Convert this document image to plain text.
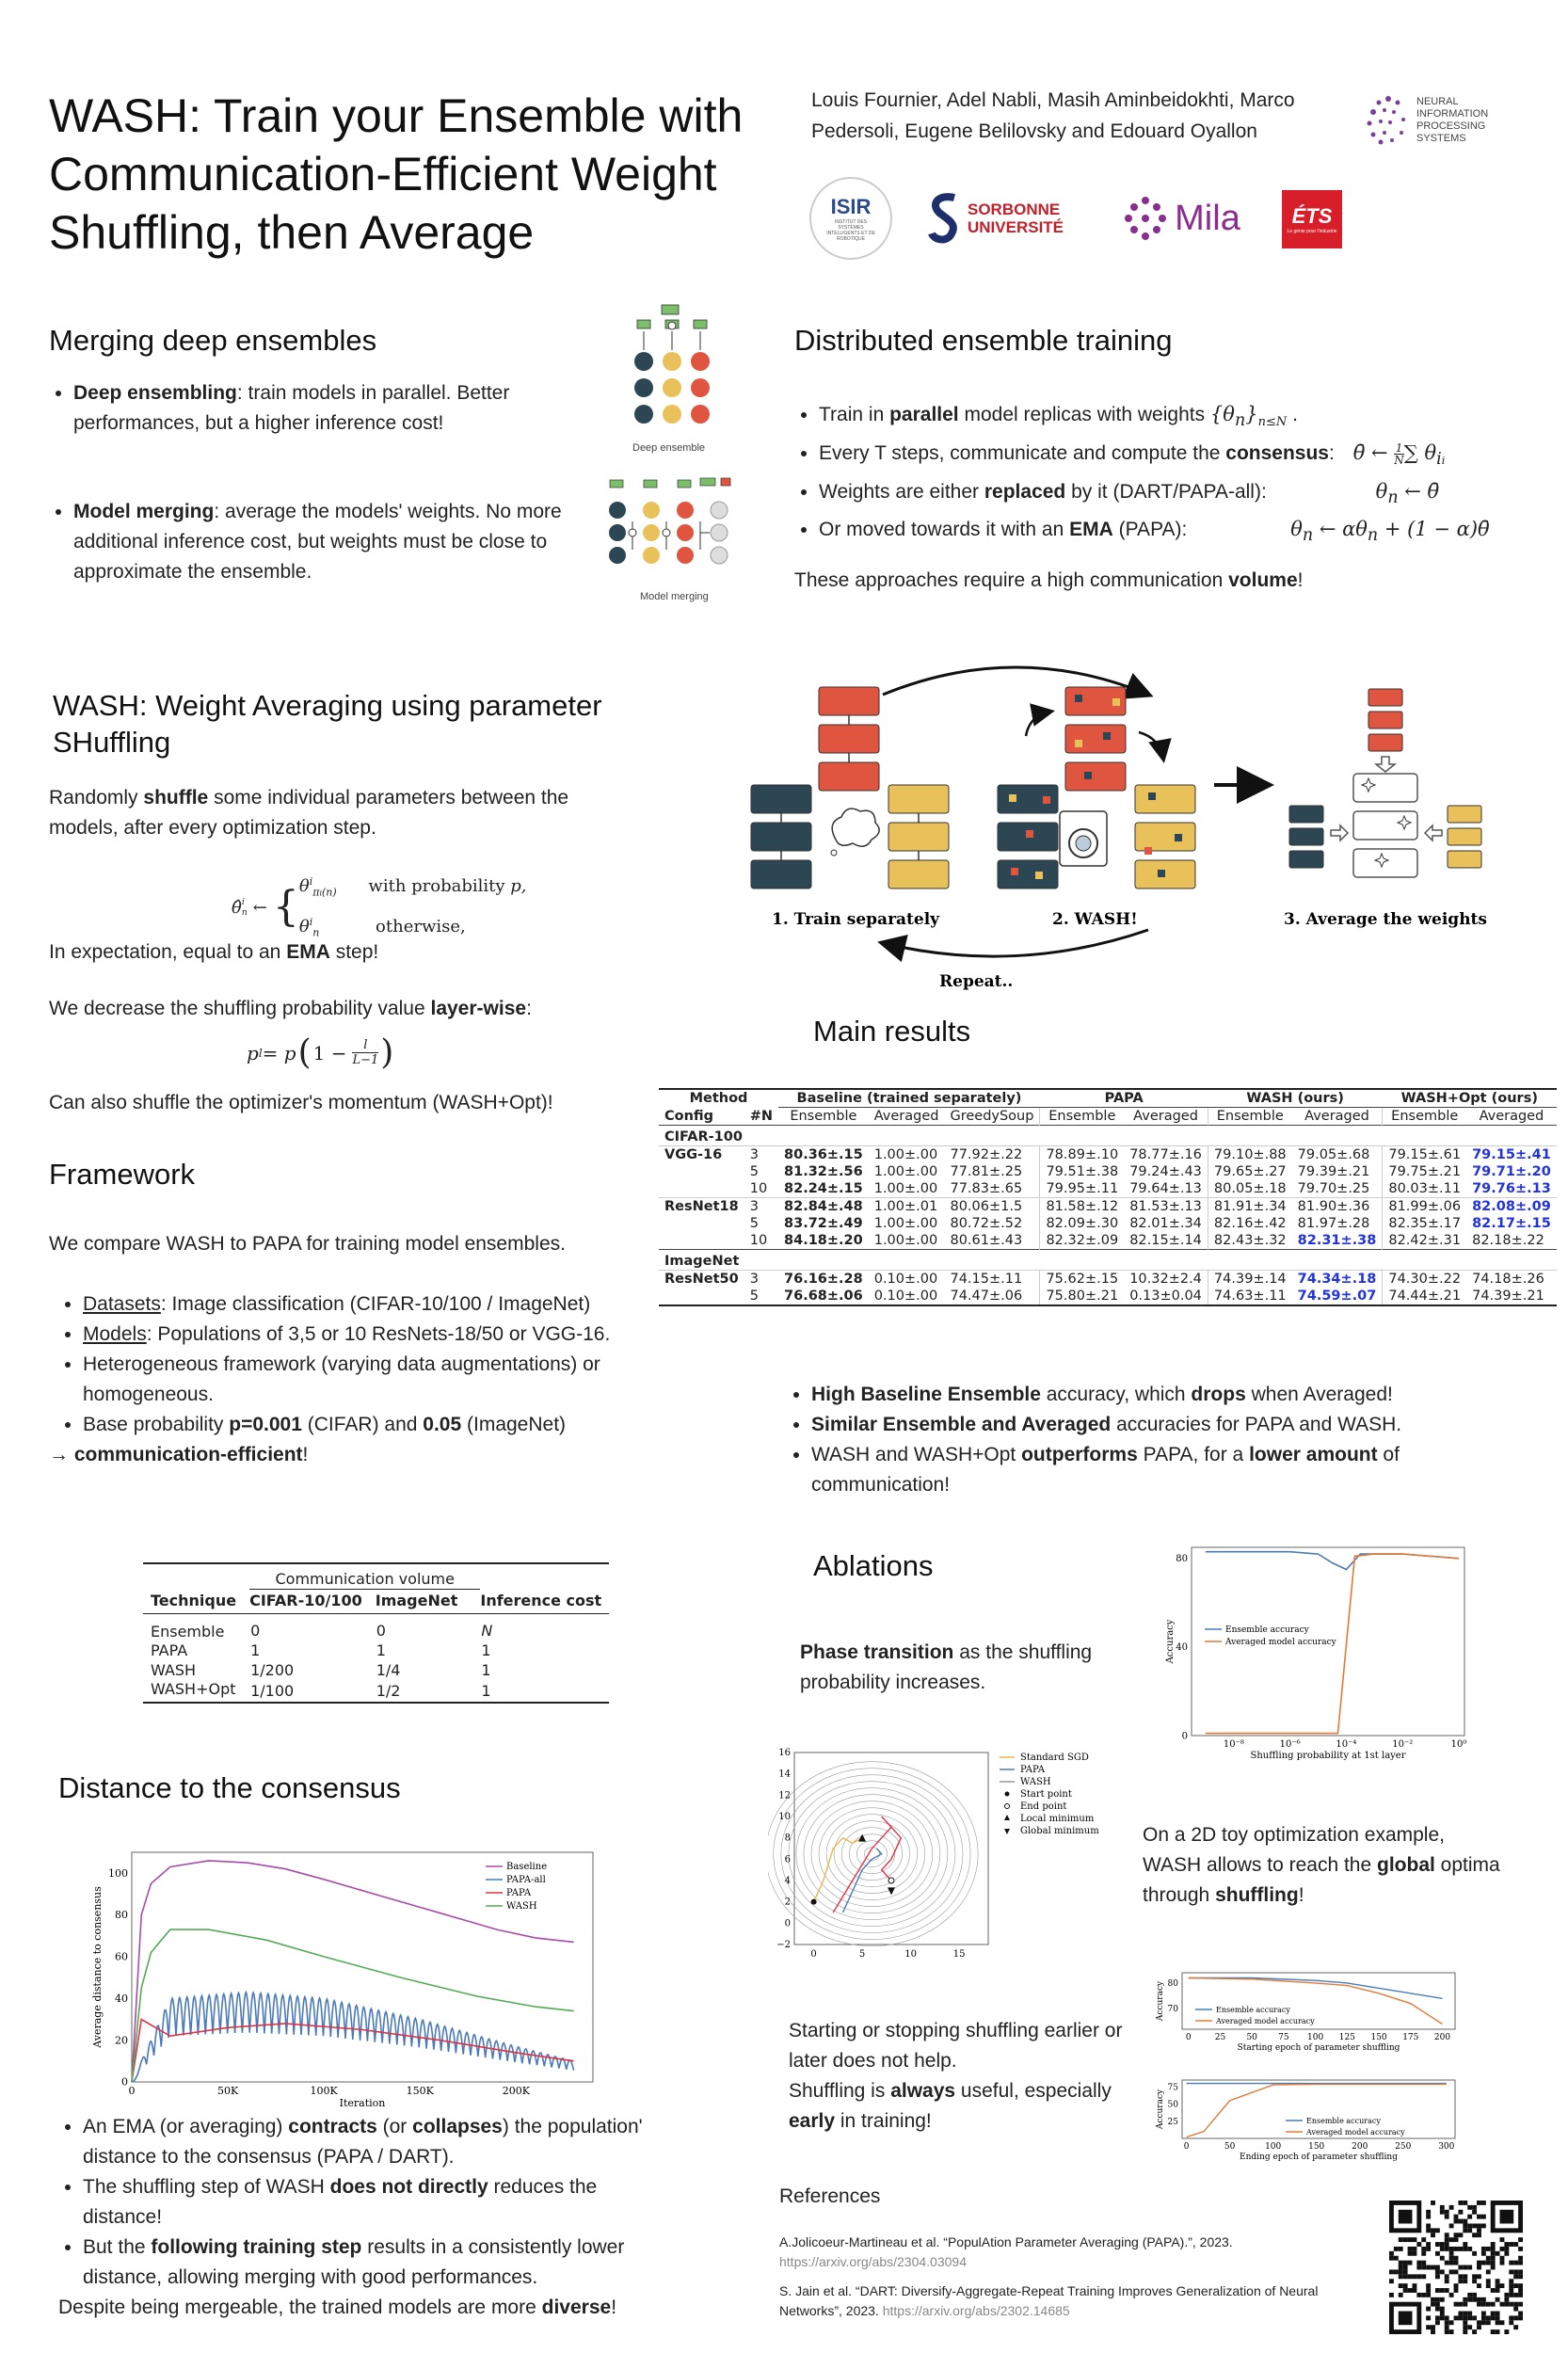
WASH: Train your Ensemble with Communication-Efficient Weight Shuffling, then Average
Louis Fournier, Adel Nabli, Masih Aminbeidokhti, Marco Pedersoli, Eugene Belilovsky and Edouard Oyallon
NEURAL INFORMATION PROCESSING SYSTEMS
ISIR
INSTITUT DES SYSTÈMES INTELLIGENTS ET DE ROBOTIQUE
SORBONNE UNIVERSITÉ	Mila ÉTS
Le génie pour l'industrie
Merging deep ensembles
• Deep ensembling: train models in parallel. Better performances, but a higher inference cost!
• Model merging: average the models' weights. No more additional inference cost, but weights must be close to approximate the ensemble.
Deep ensemble
Model merging
Distributed ensemble training
• Train in parallel model replicas with weights $\{\theta_n\}_{n\le N}$ .
• Every T steps, communicate and compute the consensus: θ̄ ← $\frac{1}{N}$ ∑ $\theta_{ii}$
• Weights are either replaced by it (DART/PAPA-all):	$\theta_n$ ← θ̄
• Or moved towards it with an EMA (PAPA):	$\theta_n$ ← $\alpha\theta_n + (1$ − α)θ̄
These approaches require a high communication volume!
WASH: Weight Averaging using parameter SHuffling
Randomly shuffle some individual parameters between the models, after every optimization step.
θ̂ i
n ← { $\theta^i_{\pi i(n)}$ with probability p,
$\theta^i_n$	otherwise,
In expectation, equal to an EMA step!
We decrease the shuffling probability value layer-wise:
p l = p ( $1 - \frac{l}{L-1}$ )
Can also shuffle the optimizer's momentum (WASH+Opt)!
1. Train separately	2. WASH!	3. Average the weights
Repeat..
Framework
We compare WASH to PAPA for training model ensembles.
• Datasets: Image classification (CIFAR-10/100 / ImageNet)
• Models: Populations of 3,5 or 10 ResNets-18/50 or VGG-16.
• Heterogeneous framework (varying data augmentations) or homogeneous.
• Base probability p=0.001 (CIFAR) and 0.05 (ImageNet)
→ communication-efficient!
	Communication volume		
Technique	CIFAR-10/100	ImageNet	Inference cost
Ensemble	0	0	N
PAPA	1	1	1
WASH	1/200	1/4	1
WASH+Opt	1/100	1/2	1
Distance to the consensus
0	50K	100K	150K	200K
0
20
40
60
80
100
Iteration
Average distance to consensus
Baseline
PAPA-all
PAPA
WASH
• An EMA (or averaging) contracts (or collapses) the population' distance to the consensus (PAPA / DART).
• The shuffling step of WASH does not directly reduces the distance!
• But the following training step results in a consistently lower distance, allowing merging with good performances.
Despite being mergeable, the trained models are more diverse!
Main results
Method		Baseline (trained separately)			PAPA		WASH (ours)		WASH+Opt (ours)	
Config	#N	Ensemble	Averaged	GreedySoup	Ensemble	Averaged	Ensemble	Averaged	Ensemble	Averaged
CIFAR-100										
VGG-16	3	80.36±.15	1.00±.00	77.92±.22	78.89±.10	78.77±.16	79.10±.88	79.05±.68	79.15±.61	79.15±.41
	5	81.32±.56	1.00±.00	77.81±.25	79.51±.38	79.24±.43	79.65±.27	79.39±.21	79.75±.21	79.71±.20
	10	82.24±.15	1.00±.00	77.83±.65	79.95±.11	79.64±.13	80.05±.18	79.70±.25	80.03±.11	79.76±.13
ResNet18	3	82.84±.48	1.00±.01	80.06±1.5	81.58±.12	81.53±.13	81.91±.34	81.90±.36	81.99±.06	82.08±.09
	5	83.72±.49	1.00±.00	80.72±.52	82.09±.30	82.01±.34	82.16±.42	81.97±.28	82.35±.17	82.17±.15
	10	84.18±.20	1.00±.00	80.61±.43	82.32±.09	82.15±.14	82.43±.32	82.31±.38	82.42±.31	82.18±.22
ImageNet										
ResNet50	3	76.16±.28	0.10±.00	74.15±.11	75.62±.15	10.32±2.4	74.39±.14	74.34±.18	74.30±.22	74.18±.26
	5	76.68±.06	0.10±.00	74.47±.06	75.80±.21	0.13±0.04	74.63±.11	74.59±.07	74.44±.21	74.39±.21
• High Baseline Ensemble accuracy, which drops when Averaged!
• Similar Ensemble and Averaged accuracies for PAPA and WASH.
• WASH and WASH+Opt outperforms PAPA, for a lower amount of communication!
Ablations
Phase transition as the shuffling probability increases.
10⁻⁸	10⁻⁶	10⁻⁴	10⁻²	10⁰
0
40
80
Shuffling probability at 1st layer
Accuracy	Ensemble accuracy
Averaged model accuracy
0	5	10	15
−2
0
2
4
6
8
10
12
14
16	Standard SGD
PAPA
WASH
Start point
End point
Local minimum
Global minimum On a 2D toy optimization example, WASH allows to reach the global optima through shuffling!
Starting or stopping shuffling earlier or later does not help.
Shuffling is always useful, especially early in training!
0	25 50 75 100 125 150 175 200
70
80
Starting epoch of parameter shuffling
Accuracy	Ensemble accuracy
Averaged model accuracy
0	50	100	150	200	250	300
25
50
75
Ending epoch of parameter shuffling
Accuracy	Ensemble accuracy
Averaged model accuracy
References
A.Jolicoeur-Martineau et al. “PopulAtion Parameter Averaging (PAPA).”, 2023.
https://arxiv.org/abs/2304.03094
S. Jain et al. “DART: Diversify-Aggregate-Repeat Training Improves Generalization of Neural Networks”, 2023. https://arxiv.org/abs/2302.14685
